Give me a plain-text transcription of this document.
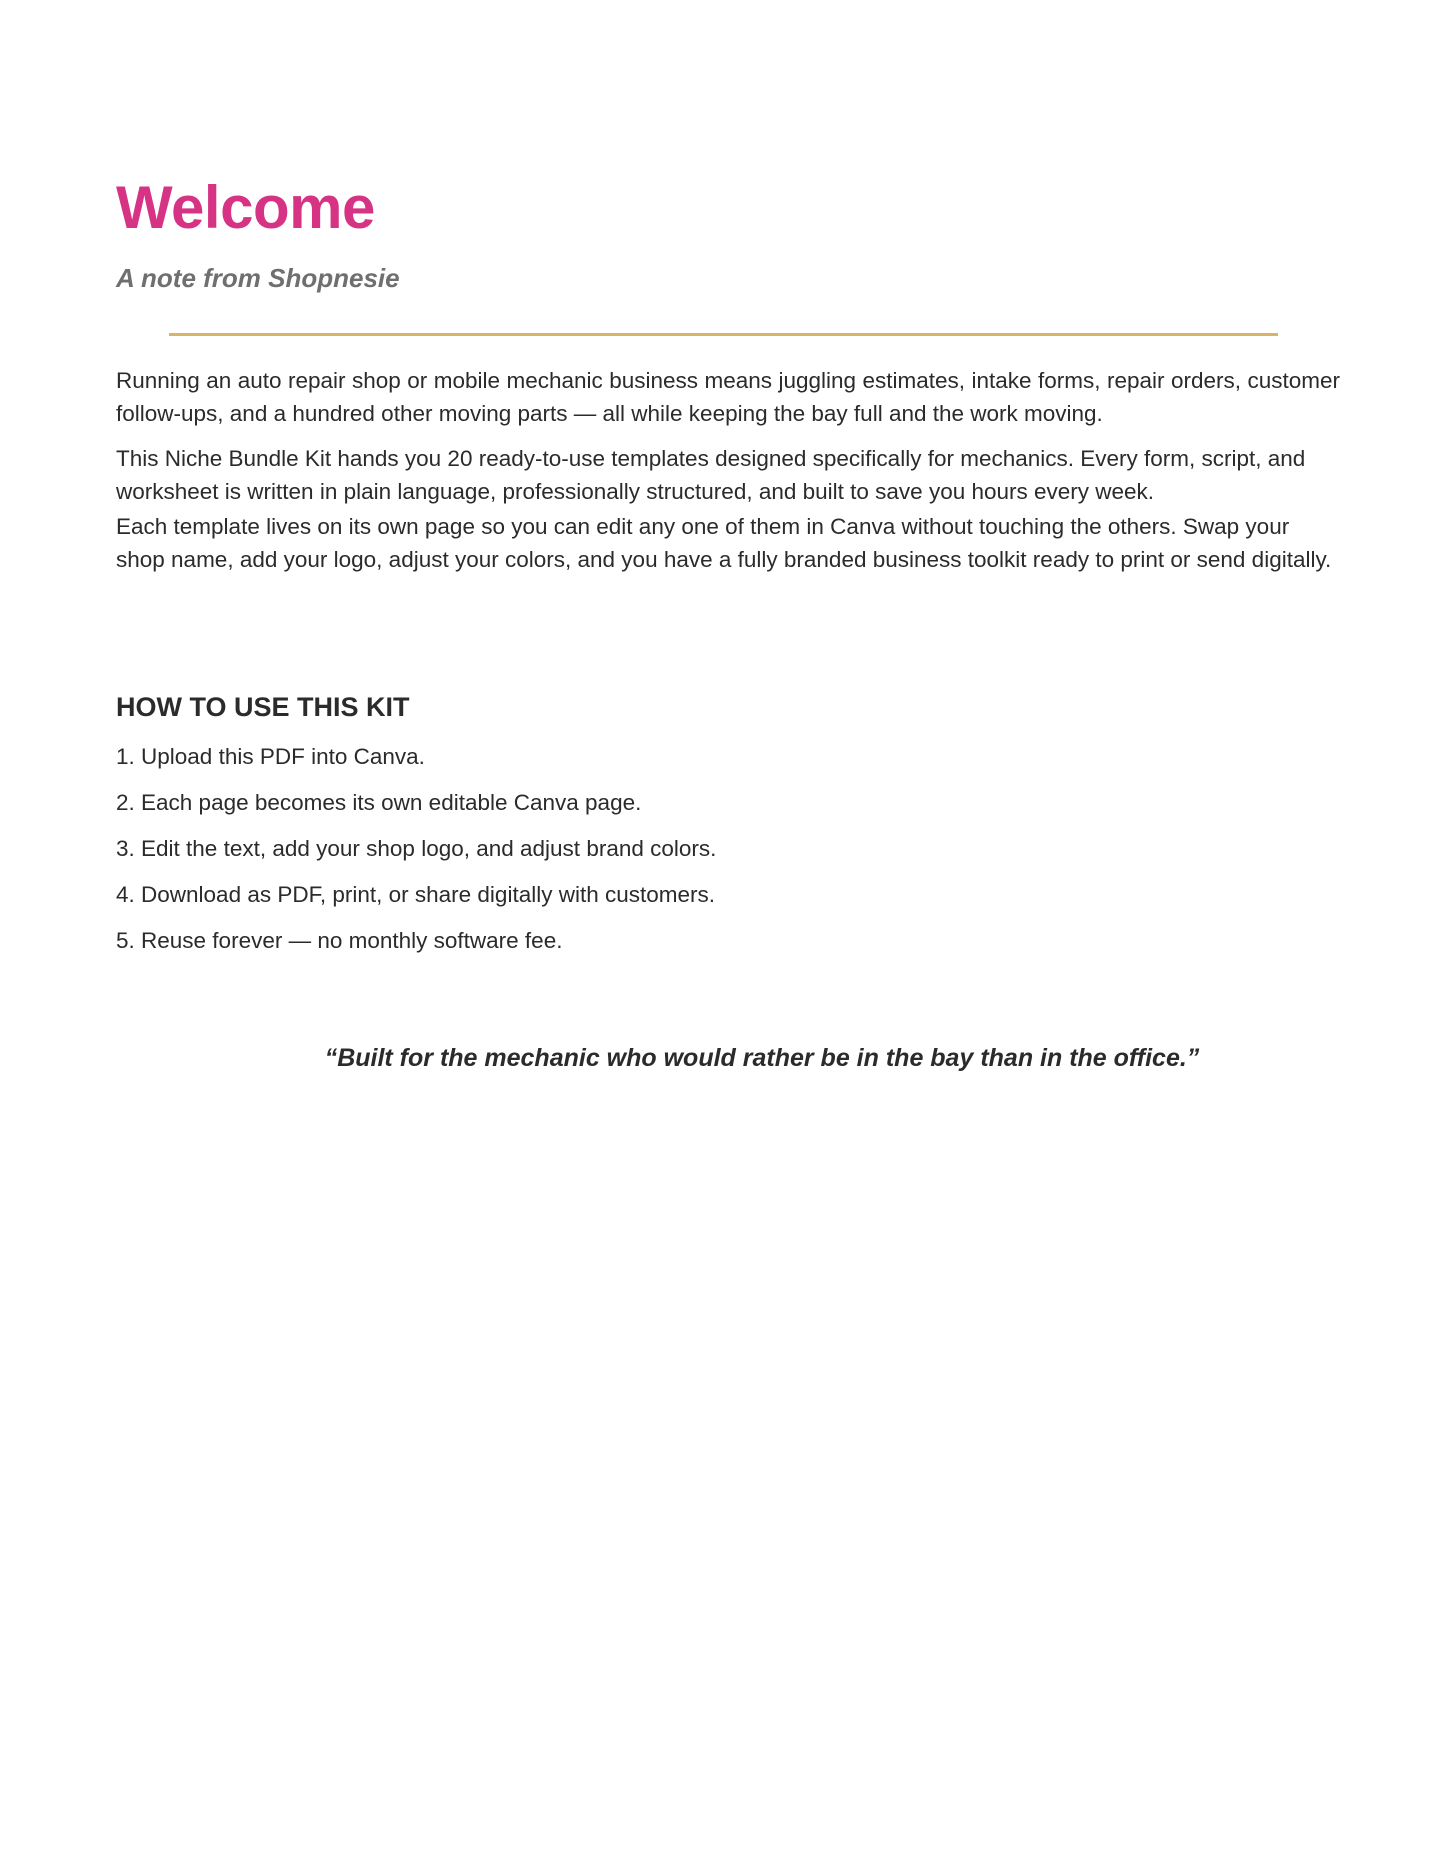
Welcome

A note from Shopnesie

Running an auto repair shop or mobile mechanic business means juggling estimates, intake forms, repair orders, customer follow-ups, and a hundred other moving parts — all while keeping the bay full and the work moving.

This Niche Bundle Kit hands you 20 ready-to-use templates designed specifically for mechanics. Every form, script, and worksheet is written in plain language, professionally structured, and built to save you hours every week.

Each template lives on its own page so you can edit any one of them in Canva without touching the others. Swap your shop name, add your logo, adjust your colors, and you have a fully branded business toolkit ready to print or send digitally.

HOW TO USE THIS KIT
1. Upload this PDF into Canva.
2. Each page becomes its own editable Canva page.
3. Edit the text, add your shop logo, and adjust brand colors.
4. Download as PDF, print, or share digitally with customers.
5. Reuse forever — no monthly software fee.

“Built for the mechanic who would rather be in the bay than in the office.”
